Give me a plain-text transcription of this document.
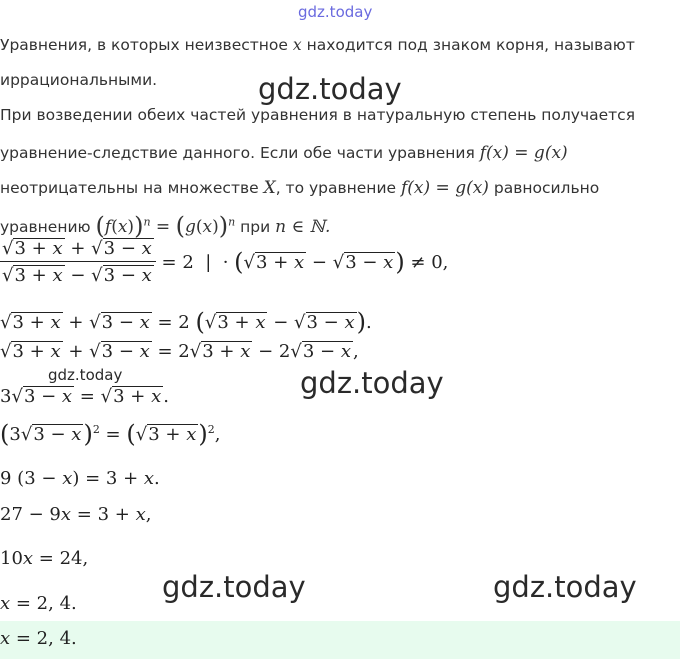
gdz.today
Уравнения, в которых неизвестное x находится под знаком корня, называют
иррациональными.	gdz.today
При возведении обеих частей уравнения в натуральную степень получается
уравнение-следствие данного. Если обе части уравнения f(x) = g(x)
неотрицательны на множестве X, то уравнение f(x) = g(x) равносильно
уравнению $(f(x))^n = (g(x))^n$ при n ∈ ℕ.
$\frac{√3 + x + √3 - x}{√3 + x - √3 - x} = 2$  |  · (√3 + x − √3 − x) ≠ 0,
√3 + x + √3 − x = 2 (√3 + x − √3 − x).
√3 + x + √3 − x = 2√3 + x − 2√3 − x ,
gdz.today	gdz.today
3√3 − x = √3 + x .
$(3√3 - x)^2 = (√3 + x)^2$,
9 (3 − x) = 3 + x.
27 − 9x = 3 + x,
10x = 24,
gdz.today	gdz.today
x = 2, 4.
x = 2, 4.
